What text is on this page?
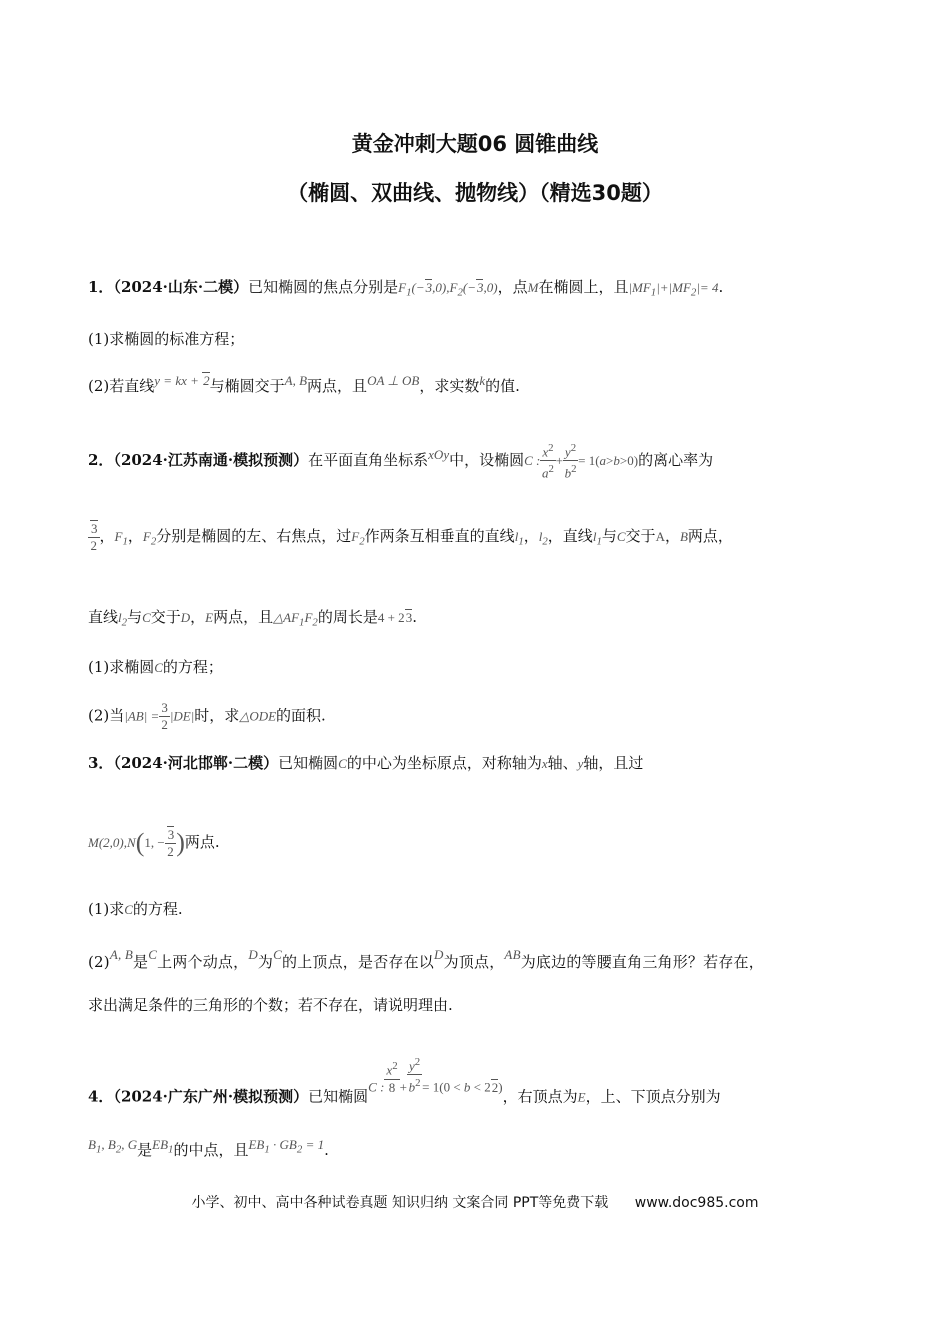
黄金冲刺大题06 圆锥曲线
（椭圆、双曲线、抛物线）（精选30题）
1．（2024·山东·二模）已知椭圆的焦点分别是$F_1(-3,0),F_2(-3,0)$，点M在椭圆上，且$|MF_1|+|MF_2|= 4$.
(1)求椭圆的标准方程；
(2)若直线y = kx + 2与椭圆交于A, B两点，且OA ⊥ OB，求实数k的值.
2．（2024·江苏南通·模拟预测）在平面直角坐标系xOy中，设椭圆C : $\frac{x^2}{a^2} + \frac{y^2}{b^2} = 1(a>b>0)$的离心率为
$\frac{3}{2}$ ，$F_1$，$F_2$分别是椭圆的左、右焦点，过$F_2$作两条互相垂直的直线$l_1$，$l_2$，直线$l_1$与C交于A，B两点，
直线$l_2$与C交于D，E两点，且$\triangle AF_1F_2$的周长是4 + 23.
(1)求椭圆C的方程；
(2)当$|AB| = \frac{3}{2} |DE|$时，求△ODE的面积.
3．（2024·河北邯郸·二模）已知椭圆C的中心为坐标原点，对称轴为x轴、y轴，且过
M(2,0),N(1, − $\frac{3}{2}$ )两点.
(1)求C的方程.
(2)A, B是C上两个动点，D为C的上顶点，是否存在以D为顶点，AB为底边的等腰直角三角形？若存在，
求出满足条件的三角形的个数；若不存在，请说明理由.
4．（2024·广东广州·模拟预测）已知椭圆C : $\frac{x^2}{8} + \frac{y^2}{b^2} = 1(0 < b < 22)$，右顶点为E，上、下顶点分别为
$B_1$, $B_2$, G是$EB_1$的中点，且$EB_1 \cdot GB_2 = 1$.
小学、初中、高中各种试卷真题 知识归纳 文案合同 PPT等免费下载 www.doc985.com
